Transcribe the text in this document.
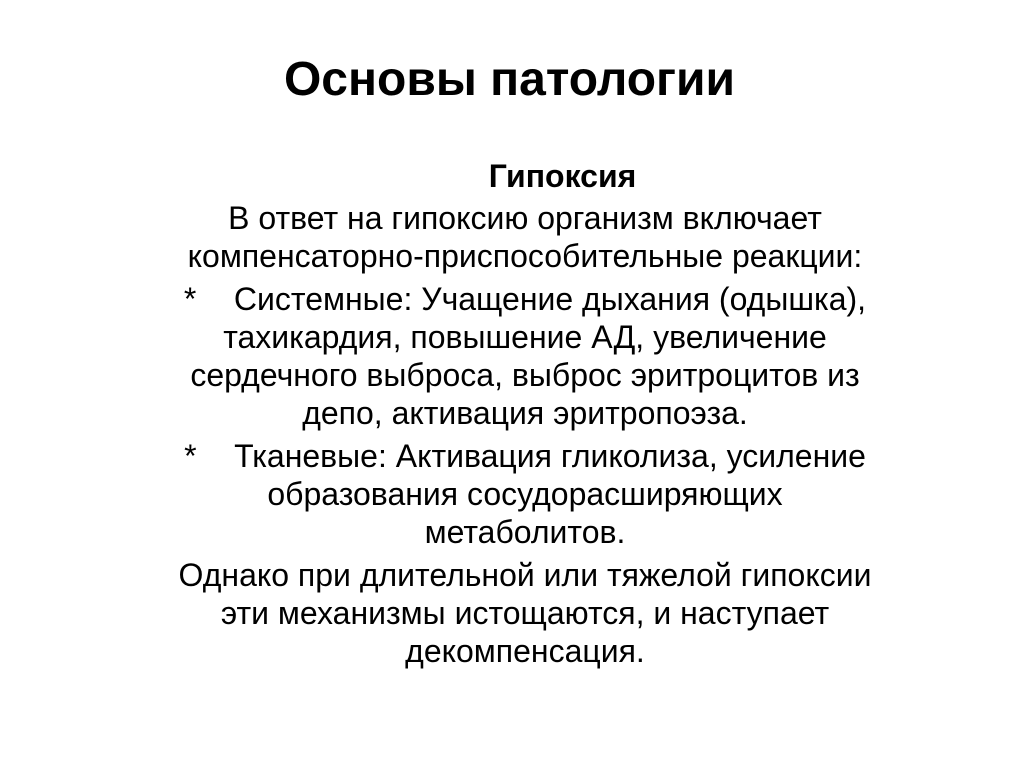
Основы патологии

Гипоксия

В ответ на гипоксию организм включает
компенсаторно-приспособительные реакции:

* Системные: Учащение дыхания (одышка),
тахикардия, повышение АД, увеличение
сердечного выброса, выброс эритроцитов из
депо, активация эритропоэза.

* Тканевые: Активация гликолиза, усиление
образования сосудорасширяющих
метаболитов.

Однако при длительной или тяжелой гипоксии
эти механизмы истощаются, и наступает
декомпенсация.
